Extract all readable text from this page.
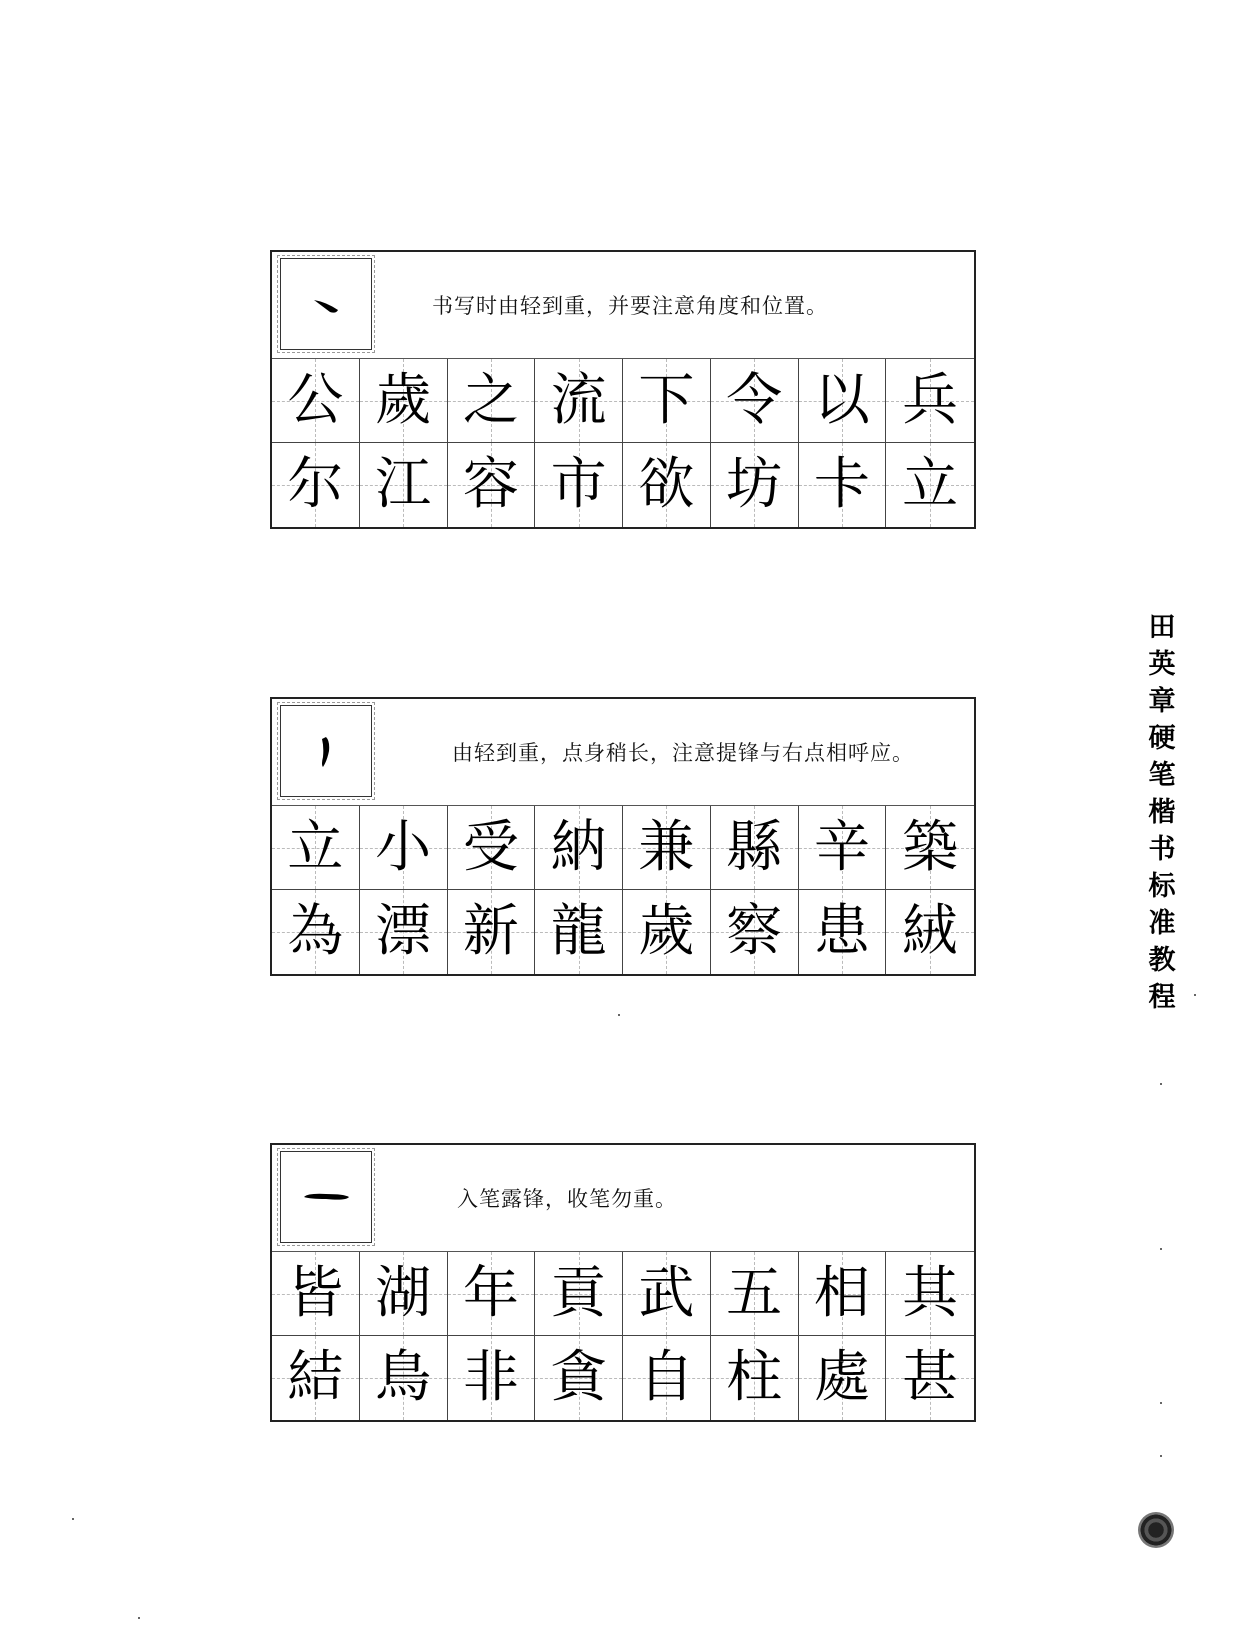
书写时由轻到重，并要注意角度和位置。
公 歲 之 流 下 令 以 兵
尔 江 容 市 欲 坊 卡 立
由轻到重，点身稍长，注意提锋与右点相呼应。
立 小 受 納 兼 縣 辛 築
為 漂 新 龍 歲 察 患 絨
入笔露锋，收笔勿重。
皆 湖 年 貢 武 五 相 其
結 鳥 非 貪 自 柱 處 甚
田
英
章
硬
笔
楷
书
标
准
教
程
